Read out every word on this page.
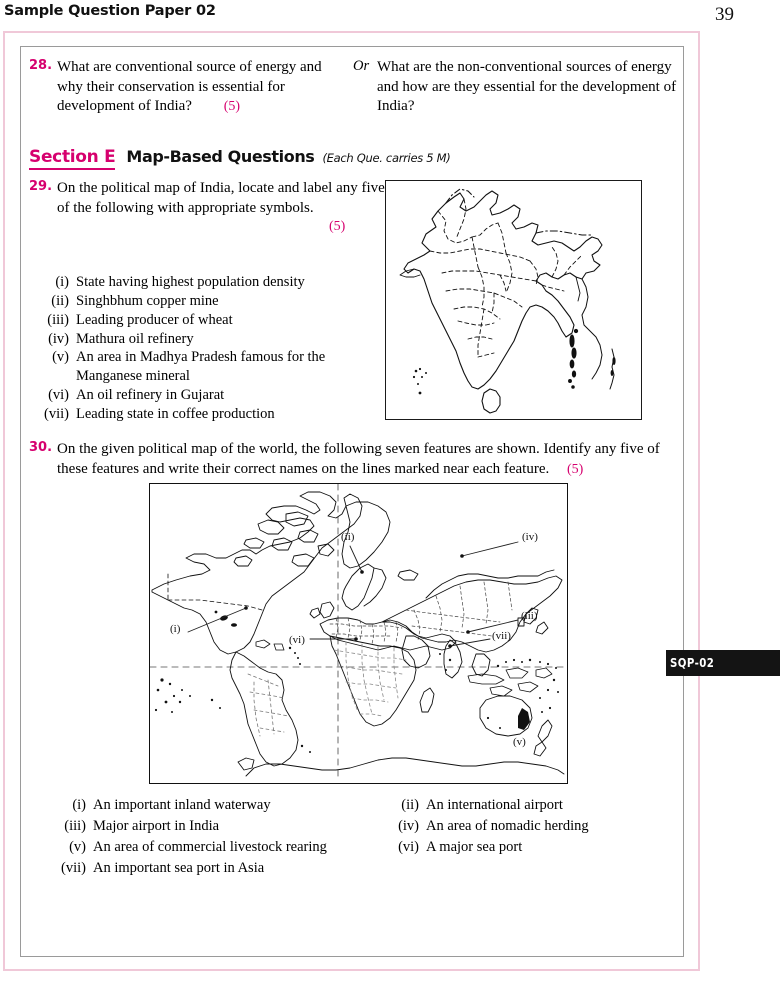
Sample Question Paper 02	39
28. What are conventional source of energy and why their conservation is essential for development of India? (5)
Or What are the non-conventional sources of energy and how are they essential for the development of India?
Section E Map-Based Questions (Each Que. carries 5 M)
29. On the political map of India, locate and label any five of the following with appropriate symbols.
(5)
(i) State having highest population density
(ii) Singhbhum copper mine
(iii) Leading producer of wheat
(iv) Mathura oil refinery
(v) An area in Madhya Pradesh famous for the Manganese mineral
(vi) An oil refinery in Gujarat
(vii) Leading state in coffee production
30. On the given political map of the world, the following seven features are shown. Identify any five of these features and write their correct names on the lines marked near each feature. (5)
(i)
(ii)
(iii)
(iv)
(v)
(vi)	(vii)
(i) An important inland waterway
(iii) Major airport in India
(v) An area of commercial livestock rearing
(vii) An important sea port in Asia
(ii) An international airport
(iv) An area of nomadic herding
(vi) A major sea port
SQP-02
